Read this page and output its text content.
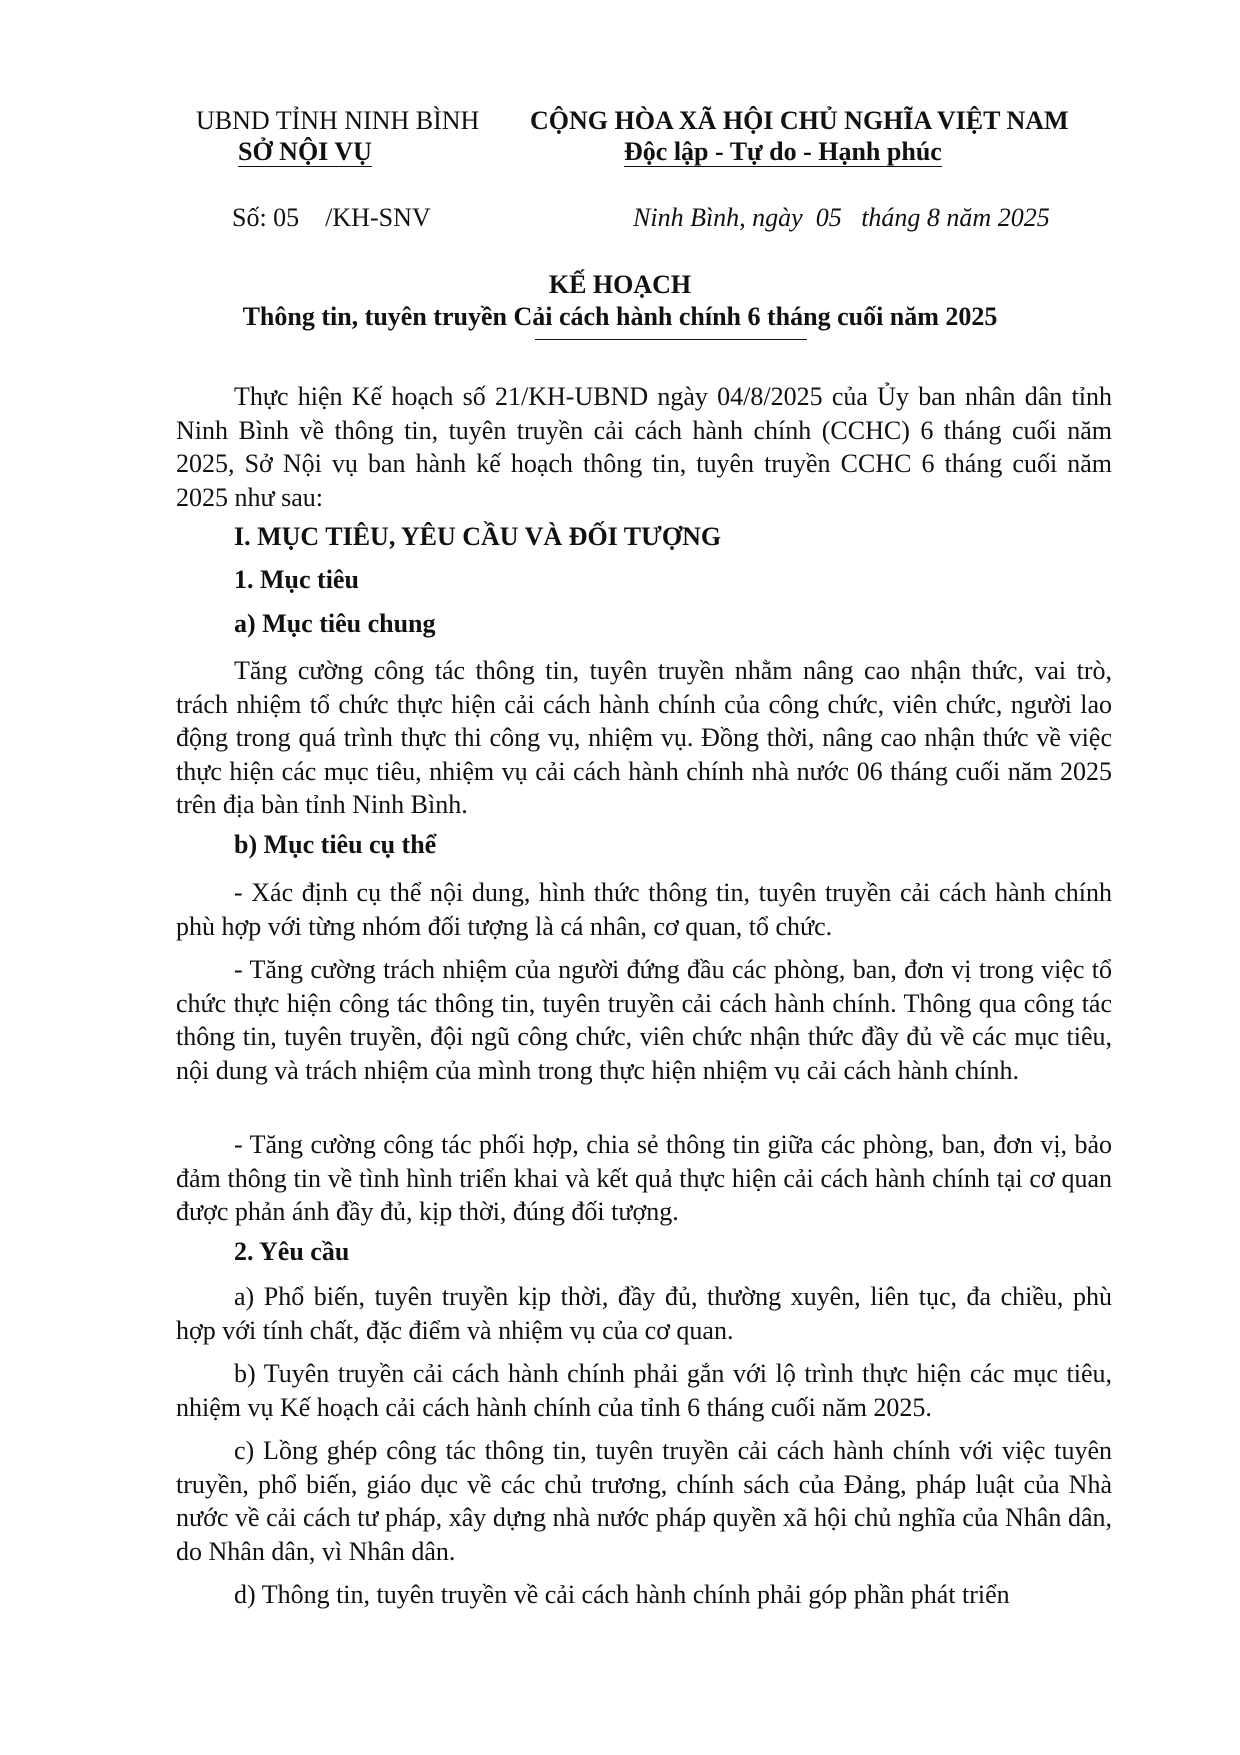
UBND TỈNH NINH BÌNH
SỞ NỘI VỤ
CỘNG HÒA XÃ HỘI CHỦ NGHĨA VIỆT NAM
Độc lập - Tự do - Hạnh phúc
Số: 05    /KH-SNV	Ninh Bình, ngày  05   tháng 8 năm 2025
KẾ HOẠCH
Thông tin, tuyên truyền Cải cách hành chính 6 tháng cuối năm 2025
Thực hiện Kế hoạch số 21/KH-UBND ngày 04/8/2025 của Ủy ban nhân dân tỉnh Ninh Bình về thông tin, tuyên truyền cải cách hành chính (CCHC) 6 tháng cuối năm 2025, Sở Nội vụ ban hành kế hoạch thông tin, tuyên truyền CCHC 6 tháng cuối năm 2025 như sau:
I. MỤC TIÊU, YÊU CẦU VÀ ĐỐI TƯỢNG
1. Mục tiêu
a) Mục tiêu chung
Tăng cường công tác thông tin, tuyên truyền nhằm nâng cao nhận thức, vai trò, trách nhiệm tổ chức thực hiện cải cách hành chính của công chức, viên chức, người lao động trong quá trình thực thi công vụ, nhiệm vụ. Đồng thời, nâng cao nhận thức về việc thực hiện các mục tiêu, nhiệm vụ cải cách hành chính nhà nước 06 tháng cuối năm 2025 trên địa bàn tỉnh Ninh Bình.
b) Mục tiêu cụ thể
- Xác định cụ thể nội dung, hình thức thông tin, tuyên truyền cải cách hành chính phù hợp với từng nhóm đối tượng là cá nhân, cơ quan, tổ chức.
- Tăng cường trách nhiệm của người đứng đầu các phòng, ban, đơn vị trong việc tổ chức thực hiện công tác thông tin, tuyên truyền cải cách hành chính. Thông qua công tác thông tin, tuyên truyền, đội ngũ công chức, viên chức nhận thức đầy đủ về các mục tiêu, nội dung và trách nhiệm của mình trong thực hiện nhiệm vụ cải cách hành chính.
- Tăng cường công tác phối hợp, chia sẻ thông tin giữa các phòng, ban, đơn vị, bảo đảm thông tin về tình hình triển khai và kết quả thực hiện cải cách hành chính tại cơ quan được phản ánh đầy đủ, kịp thời, đúng đối tượng.
2. Yêu cầu
a) Phổ biến, tuyên truyền kịp thời, đầy đủ, thường xuyên, liên tục, đa chiều, phù hợp với tính chất, đặc điểm và nhiệm vụ của cơ quan.
b) Tuyên truyền cải cách hành chính phải gắn với lộ trình thực hiện các mục tiêu, nhiệm vụ Kế hoạch cải cách hành chính của tỉnh 6 tháng cuối năm 2025.
c) Lồng ghép công tác thông tin, tuyên truyền cải cách hành chính với việc tuyên truyền, phổ biến, giáo dục về các chủ trương, chính sách của Đảng, pháp luật của Nhà nước về cải cách tư pháp, xây dựng nhà nước pháp quyền xã hội chủ nghĩa của Nhân dân, do Nhân dân, vì Nhân dân.
d) Thông tin, tuyên truyền về cải cách hành chính phải góp phần phát triển
